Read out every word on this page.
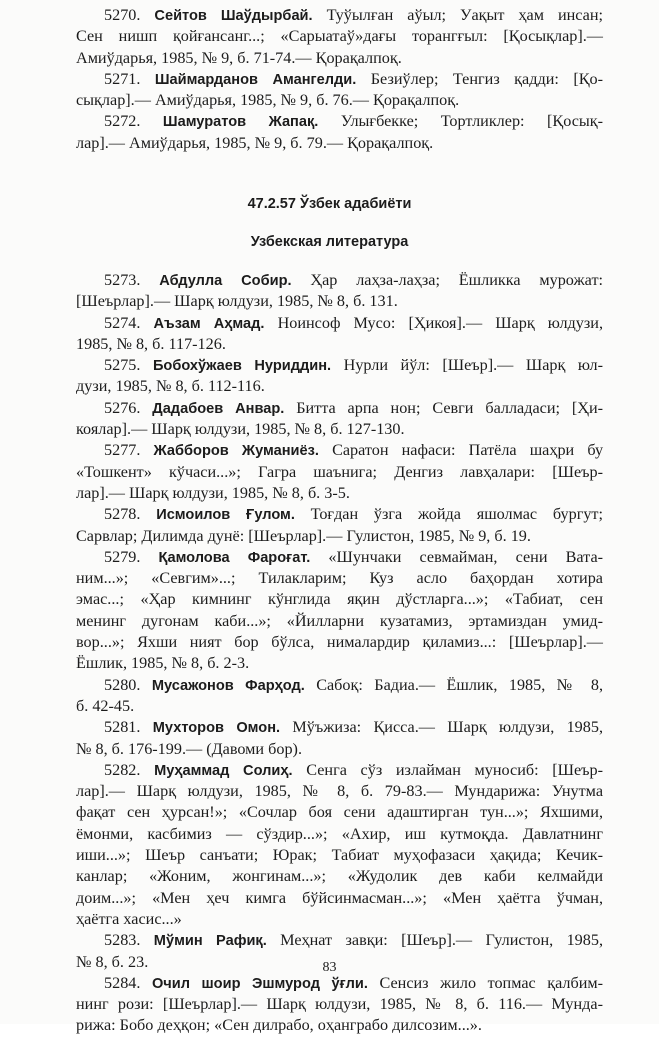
5270. Сейтов Шаўдырбай. Туўылған аўыл; Уақыт ҳам инсан;
Сен нишп қойғансанг...; «Сарыатаў»дағы торангғыл: [Қосықлар].—
Амиўдарья, 1985, № 9, б. 71-74.— Қорақалпоқ.
5271. Шаймарданов Амангелди. Безиўлер; Тенгиз қадди: [Қо-
сықлар].— Амиўдарья, 1985, № 9, б. 76.— Қорақалпоқ.
5272. Шамуратов Жапақ. Улығбекке; Тортликлер: [Қосық-
лар].— Амиўдарья, 1985, № 9, б. 79.— Қорақалпоқ.
47.2.57 Ўзбек адабиёти
Узбекская литература
5273. Абдулла Собир. Ҳар лаҳза-лаҳза; Ёшликка мурожат:
[Шеърлар].— Шарқ юлдузи, 1985, № 8, б. 131.
5274. Аъзам Аҳмад. Ноинсоф Мусо: [Ҳикоя].— Шарқ юлдузи,
1985, № 8, б. 117-126.
5275. Бобохўжаев Нуриддин. Нурли йўл: [Шеър].— Шарқ юл-
дузи, 1985, № 8, б. 112-116.
5276. Дадабоев Анвар. Битта арпа нон; Севги балладаси; [Ҳи-
коялар].— Шарқ юлдузи, 1985, № 8, б. 127-130.
5277. Жабборов Жуманиёз. Саратон нафаси: Патёла шаҳри бу
«Тошкент» кўчаси...»; Гагра шаънига; Денгиз лавҳалари: [Шеър-
лар].— Шарқ юлдузи, 1985, № 8, б. 3-5.
5278. Исмоилов Ғулом. Тоғдан ўзга жойда яшолмас бургут;
Сарвлар; Дилимда дунё: [Шеърлар].— Гулистон, 1985, № 9, б. 19.
5279. Қамолова Фароғат. «Шунчаки севмайман, сени Вата-
ним...»; «Севгим»...; Тилакларим; Куз асло баҳордан хотира
эмас...; «Ҳар кимнинг кўнглида яқин дўстларга...»; «Табиат, сен
менинг дугонам каби...»; «Йилларни кузатамиз, эртамиздан умид-
вор...»; Яхши ният бор бўлса, нималардир қиламиз...: [Шеърлар].—
Ёшлик, 1985, № 8, б. 2-3.
5280. Мусажонов Фарҳод. Сабоқ: Бадиа.— Ёшлик, 1985, № 8,
б. 42-45.
5281. Мухторов Омон. Мўъжиза: Қисса.— Шарқ юлдузи, 1985,
№ 8, б. 176-199.— (Давоми бор).
5282. Муҳаммад Солиҳ. Сенга сўз излайман муносиб: [Шеър-
лар].— Шарқ юлдузи, 1985, № 8, б. 79-83.— Мундарижа: Унутма
фақат сен ҳурсан!»; «Сочлар боя сени адаштирган тун...»; Яхшими,
ёмонми, касбимиз — сўздир...»; «Ахир, иш кутмоқда. Давлатнинг
иши...»; Шеър санъати; Юрак; Табиат муҳофазаси ҳақида; Кечик-
канлар; «Жоним, жонгинам...»; «Жудолик дев каби келмайди
доим...»; «Мен ҳеч кимга бўйсинмасман...»; «Мен ҳаётга ўчман,
ҳаётга хасис...»
5283. Мўмин Рафиқ. Меҳнат завқи: [Шеър].— Гулистон, 1985,
№ 8, б. 23.
5284. Очил шоир Эшмурод ўғли. Сенсиз жило топмас қалбим-
нинг рози: [Шеърлар].— Шарқ юлдузи, 1985, № 8, б. 116.— Мунда-
рижа: Бобо деҳқон; «Сен дилрабо, оҳанграбо дилсозим...».
83
